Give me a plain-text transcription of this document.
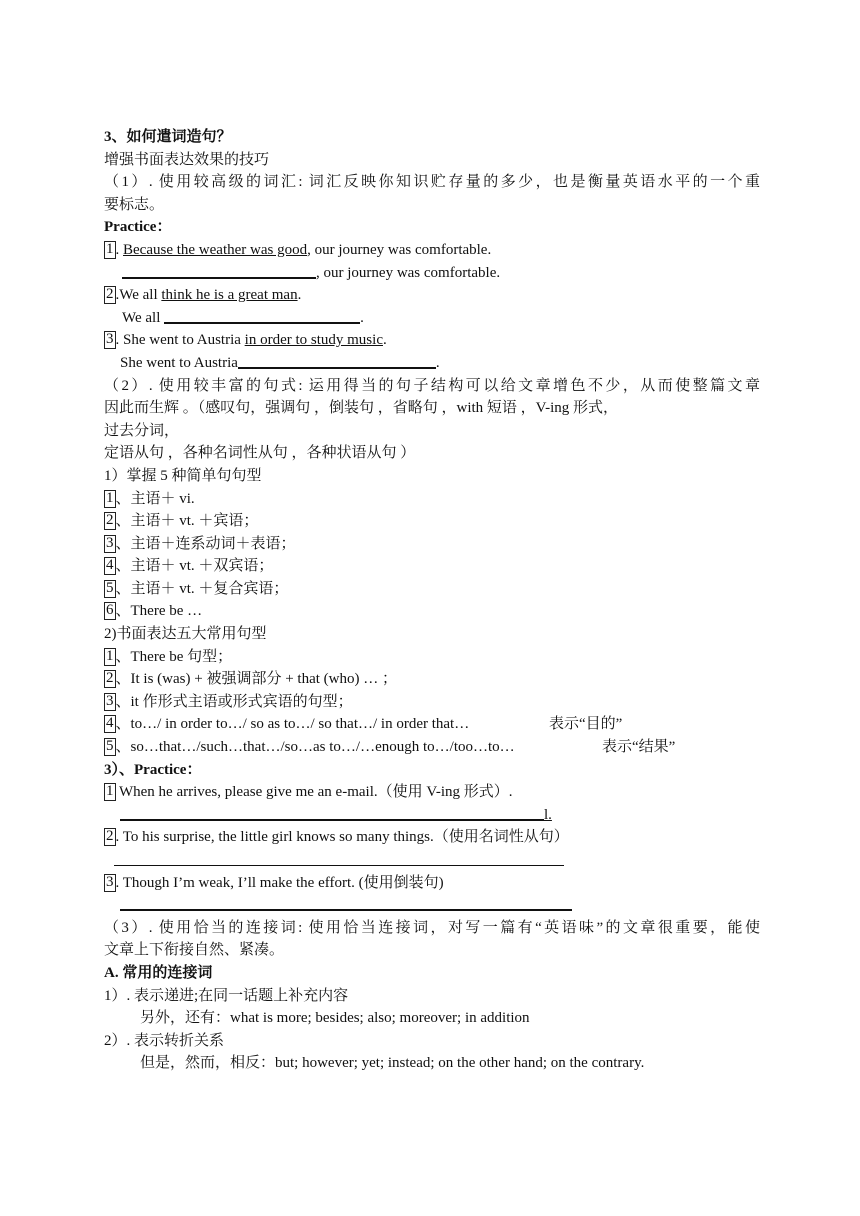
3、如何遣词造句？
增强书面表达效果的技巧
（1）. 使用较高级的词汇: 词汇反映你知识贮存量的多少，也是衡量英语水平的一个重
要标志。
Practice：
1 . Because the weather was good, our journey was comfortable.
, our journey was comfortable.
2 .We all think he is a great man.
We all	.
3 . She went to Austria in order to study music.
She went to Austria	.
（2）. 使用较丰富的句式: 运用得当的句子结构可以给文章增色不少，从而使整篇文章
因此而生辉 。（感叹句，强调句 ，倒装句 ，省略句 ，with 短语 ，V-ing 形式，
过去分词，
定语从句 ，各种名词性从句 ，各种状语从句 ）
1）掌握 5 种简单句句型
1 、主语＋ vi.
2 、主语＋ vt. ＋宾语；
3 、主语＋连系动词＋表语；
4 、主语＋ vt. ＋双宾语；
5 、主语＋ vt. ＋复合宾语；
6 、There be …
2)书面表达五大常用句型
1 、There be 句型；
2 、It is (was) + 被强调部分 + that (who) … ；
3 、it 作形式主语或形式宾语的句型；
4 、to…/ in order to…/ so as to…/ so that…/ in order that…	表示“目的”
5 、so…that…/such…that…/so…as to…/…enough to…/too…to…	表示“结果”
3）、Practice：
1 When he arrives, please give me an e-mail.（使用 V-ing 形式）.
l.
2 . To his surprise, the little girl knows so many things.（使用名词性从句）
3 . Though I’m weak, I’ll make the effort. (使用倒装句)
（3）. 使用恰当的连接词: 使用恰当连接词，对写一篇有“英语味”的文章很重要，能使
文章上下衔接自然、紧凑。
A. 常用的连接词
1）. 表示递进;在同一话题上补充内容
另外，还有：what is more; besides; also; moreover; in addition
2）. 表示转折关系
但是，然而，相反：but; however; yet; instead; on the other hand; on the contrary.
